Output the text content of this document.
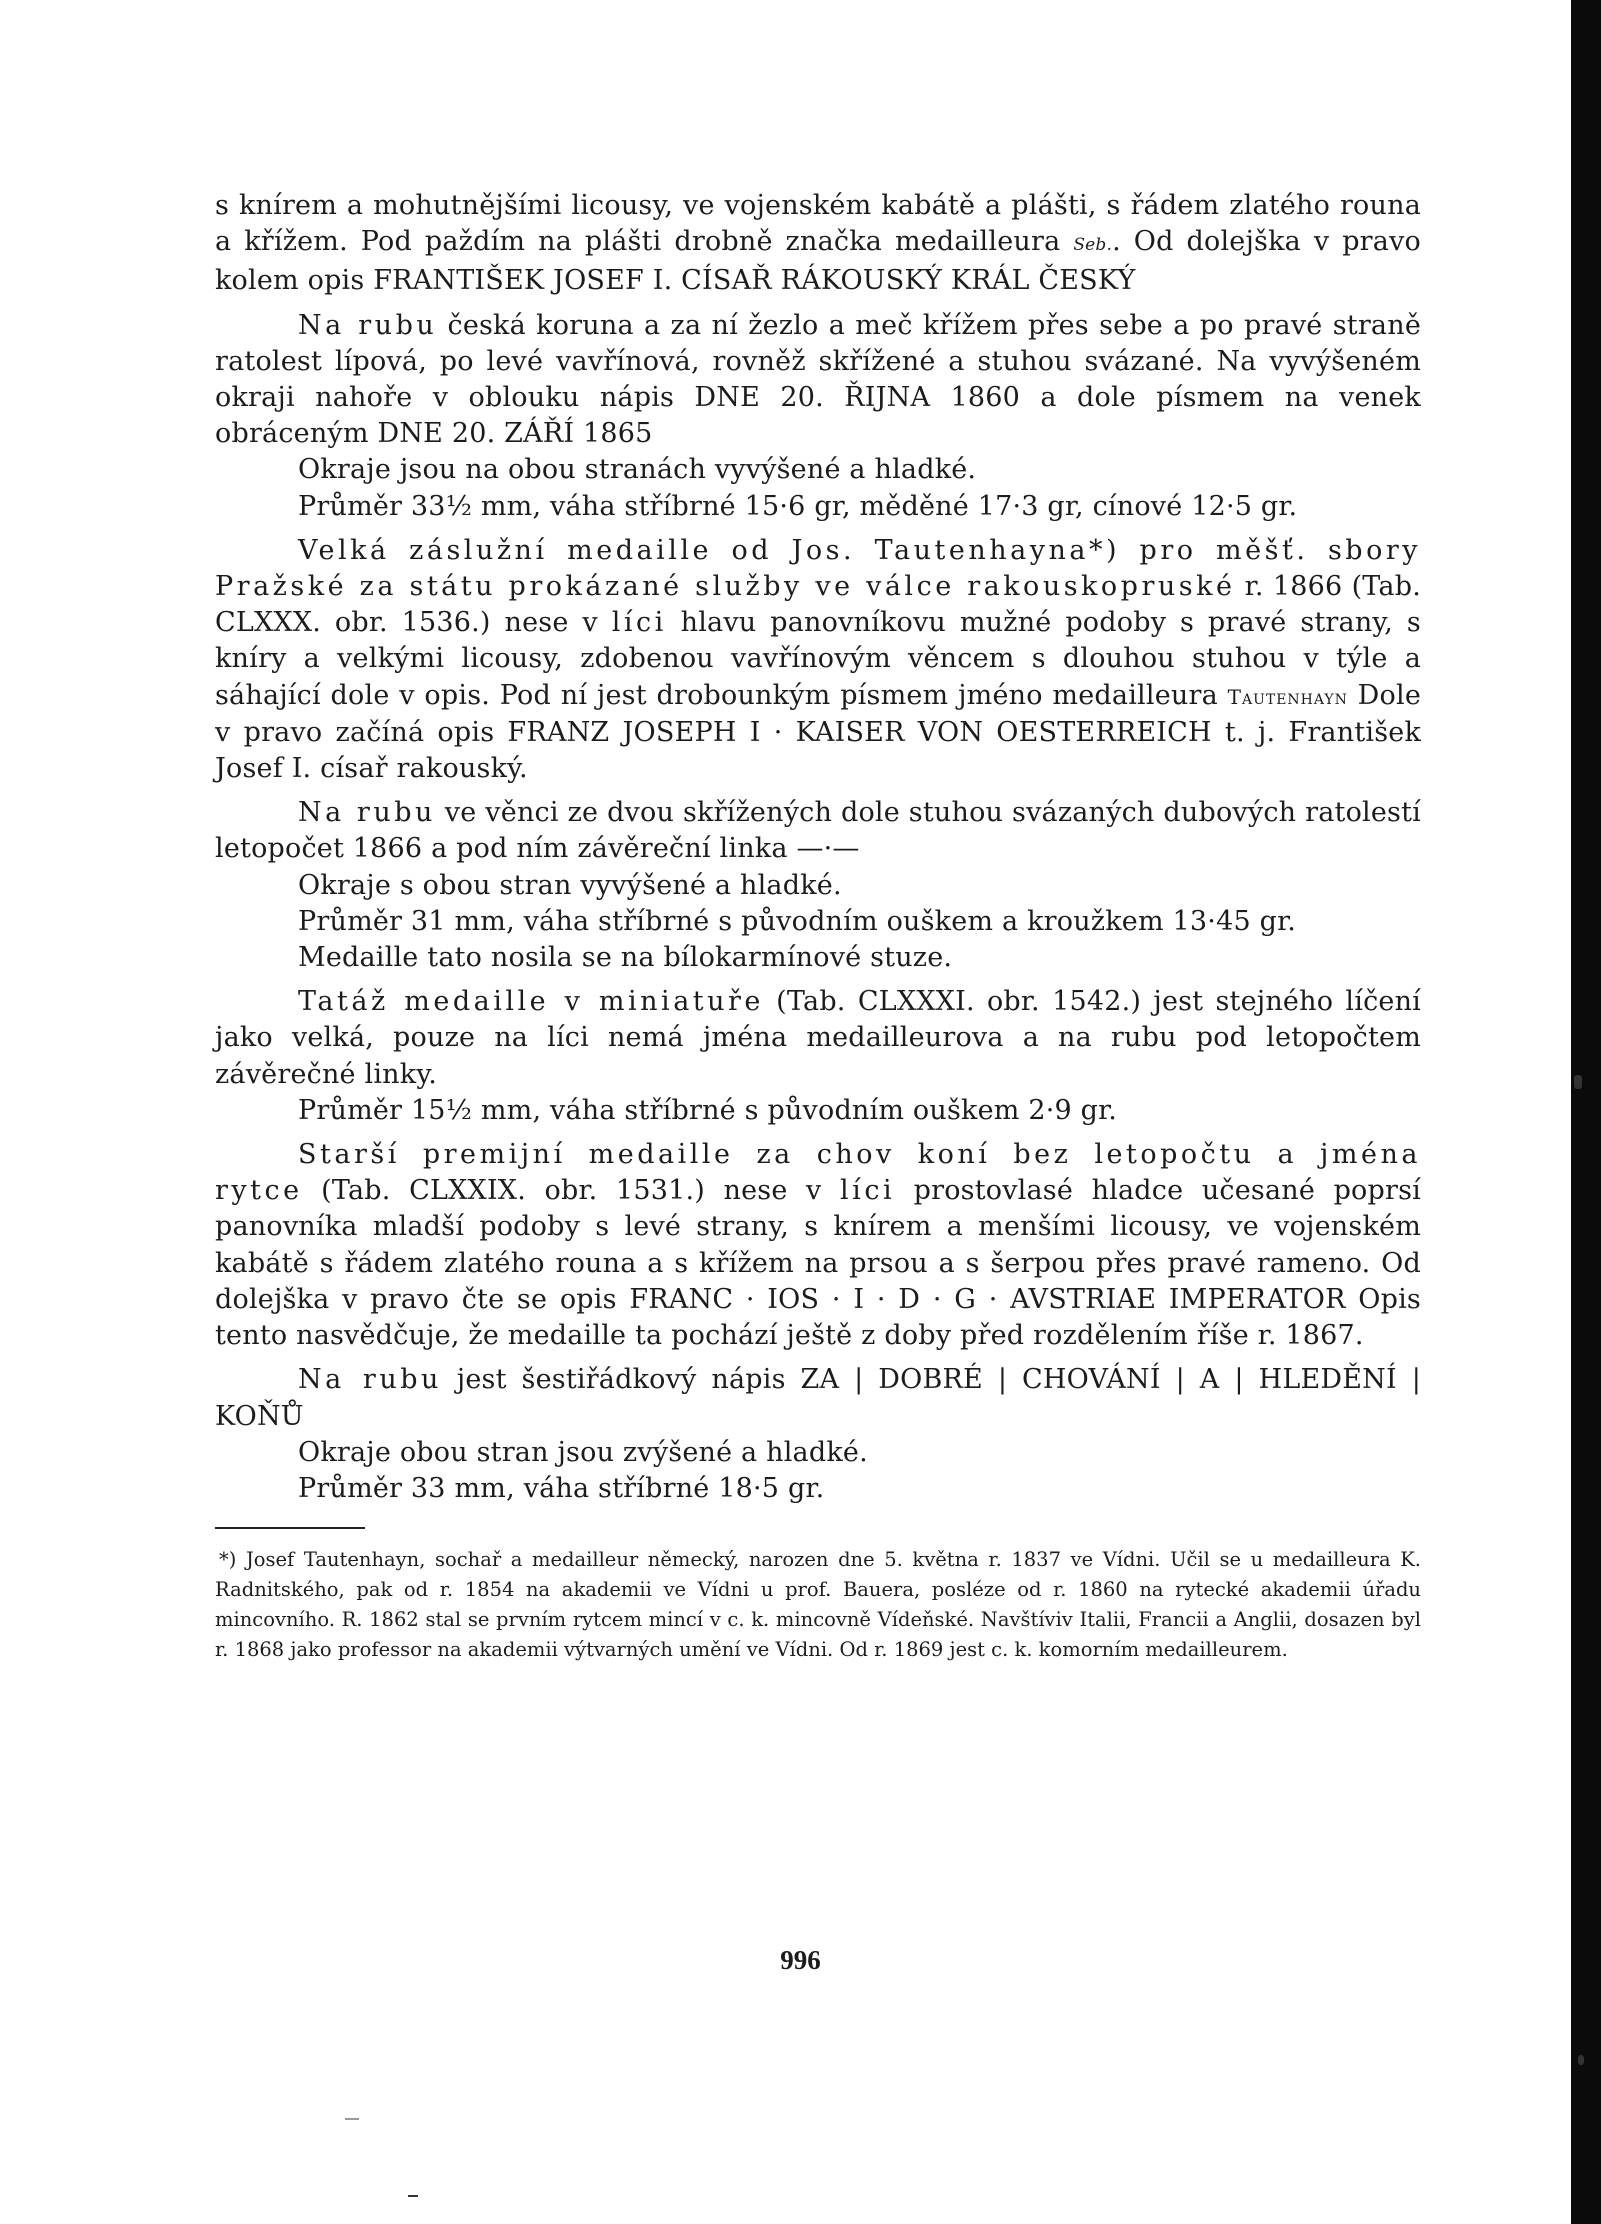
s knírem a mohutnějšími licousy, ve vojenském kabátě a plášti, s řádem zlatého rouna a křížem. Pod paždím na plášti drobně značka medailleura Seb.. Od dolejška v pravo kolem opis FRANTIŠEK JOSEF I. CÍSAŘ RÁKOUSKÝ KRÁL ČESKÝ

Na rubu česká koruna a za ní žezlo a meč křížem přes sebe a po pravé straně ratolest lípová, po levé vavřínová, rovněž skřížené a stuhou svázané. Na vyvýšeném okraji nahoře v oblouku nápis DNE 20. ŘIJNA 1860 a dole písmem na venek obráceným DNE 20. ZÁŘÍ 1865

Okraje jsou na obou stranách vyvýšené a hladké.

Průměr 33½ mm, váha stříbrné 15·6 gr, měděné 17·3 gr, cínové 12·5 gr.

Velká záslužní medaille od Jos. Tautenhayna*) pro měšť. sbory Pražské za státu prokázané služby ve válce rakouskopruské r. 1866 (Tab. CLXXX. obr. 1536.) nese v líci hlavu panovníkovu mužné podoby s pravé strany, s kníry a velkými licousy, zdobenou vavřínovým věncem s dlouhou stuhou v týle a sáhající dole v opis. Pod ní jest drobounkým písmem jméno medailleura Tautenhayn Dole v pravo začíná opis FRANZ JOSEPH I · KAISER VON OESTERREICH t. j. František Josef I. císař rakouský.

Na rubu ve věnci ze dvou skřížených dole stuhou svázaných dubových ratolestí letopočet 1866 a pod ním závěreční linka —·—

Okraje s obou stran vyvýšené a hladké.

Průměr 31 mm, váha stříbrné s původním ouškem a kroužkem 13·45 gr.

Medaille tato nosila se na bílokarmínové stuze.

Tatáž medaille v miniatuře (Tab. CLXXXI. obr. 1542.) jest stejného líčení jako velká, pouze na líci nemá jména medailleurova a na rubu pod letopočtem závěrečné linky.

Průměr 15½ mm, váha stříbrné s původním ouškem 2·9 gr.

Starší premijní medaille za chov koní bez letopočtu a jména rytce (Tab. CLXXIX. obr. 1531.) nese v líci prostovlasé hladce učesané poprsí panovníka mladší podoby s levé strany, s knírem a menšími licousy, ve vojenském kabátě s řádem zlatého rouna a s křížem na prsou a s šerpou přes pravé rameno. Od dolejška v pravo čte se opis FRANC · IOS · I · D · G · AVSTRIAE IMPERATOR Opis tento nasvědčuje, že medaille ta pochází ještě z doby před rozdělením říše r. 1867.

Na rubu jest šestiřádkový nápis ZA | DOBRÉ | CHOVÁNÍ | A | HLEDĚNÍ | KOŇŮ

Okraje obou stran jsou zvýšené a hladké.

Průměr 33 mm, váha stříbrné 18·5 gr.

*) Josef Tautenhayn, sochař a medailleur německý, narozen dne 5. května r. 1837 ve Vídni. Učil se u medailleura K. Radnitského, pak od r. 1854 na akademii ve Vídni u prof. Bauera, posléze od r. 1860 na rytecké akademii úřadu mincovního. R. 1862 stal se prvním rytcem mincí v c. k. mincovně Vídeňské. Navštíviv Italii, Francii a Anglii, dosazen byl r. 1868 jako professor na akademii výtvarných umění ve Vídni. Od r. 1869 jest c. k. komorním medailleurem.

996
